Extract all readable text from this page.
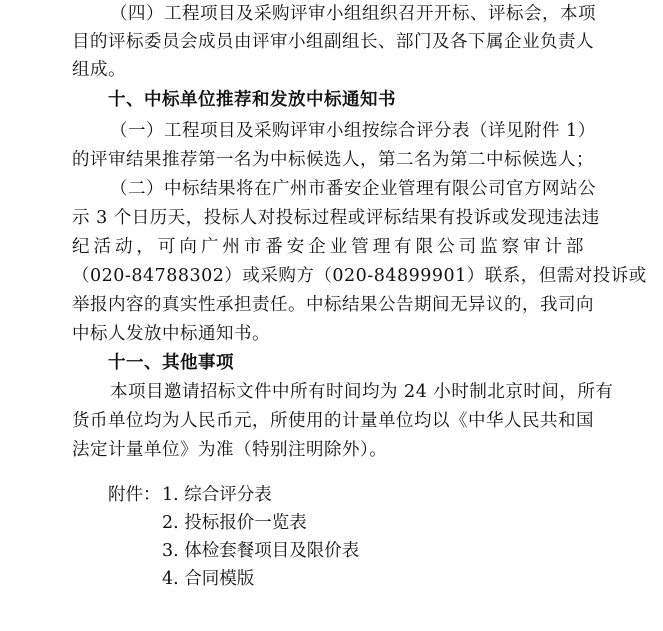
（四）工程项目及采购评审小组组织召开开标、评标会，本项
目的评标委员会成员由评审小组副组长、部门及各下属企业负责人
组成。
十、中标单位推荐和发放中标通知书
（一）工程项目及采购评审小组按综合评分表（详见附件 1）
的评审结果推荐第一名为中标候选人，第二名为第二中标候选人；
（二）中标结果将在广州市番安企业管理有限公司官方网站公
示 3 个日历天，投标人对投标过程或评标结果有投诉或发现违法违
纪活动，可向广州市番安企业管理有限公司监察审计部
（020-84788302）或采购方（020-84899901）联系，但需对投诉或
举报内容的真实性承担责任。中标结果公告期间无异议的，我司向
中标人发放中标通知书。
十一、其他事项
本项目邀请招标文件中所有时间均为 24 小时制北京时间，所有
货币单位均为人民币元，所使用的计量单位均以《中华人民共和国
法定计量单位》为准（特别注明除外）。
附件： 1. 综合评分表
2. 投标报价一览表
3. 体检套餐项目及限价表
4. 合同模版
